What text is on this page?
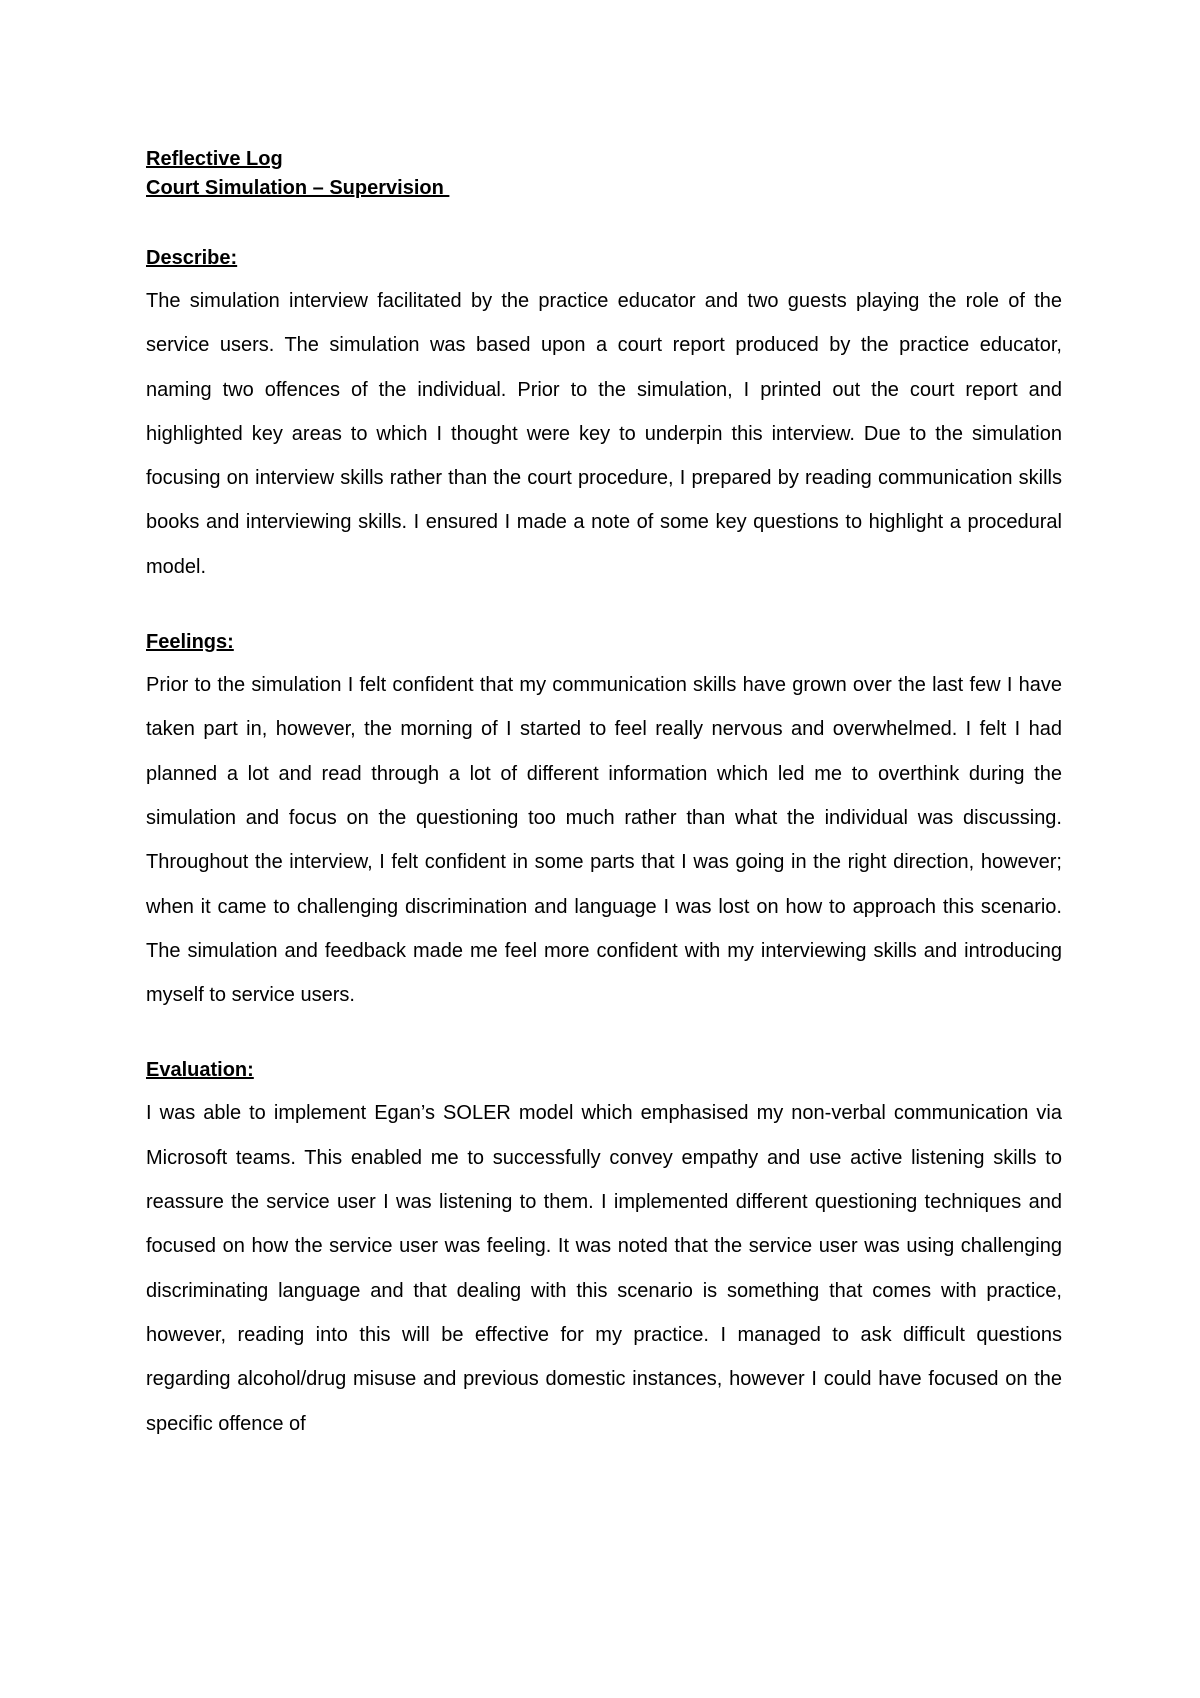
Reflective Log
Court Simulation – Supervision
Describe:

The simulation interview facilitated by the practice educator and two guests playing the role of the service users. The simulation was based upon a court report produced by the practice educator, naming two offences of the individual. Prior to the simulation, I printed out the court report and highlighted key areas to which I thought were key to underpin this interview. Due to the simulation focusing on interview skills rather than the court procedure, I prepared by reading communication skills books and interviewing skills. I ensured I made a note of some key questions to highlight a procedural model.

Feelings:

Prior to the simulation I felt confident that my communication skills have grown over the last few I have taken part in, however, the morning of I started to feel really nervous and overwhelmed. I felt I had planned a lot and read through a lot of different information which led me to overthink during the simulation and focus on the questioning too much rather than what the individual was discussing. Throughout the interview, I felt confident in some parts that I was going in the right direction, however; when it came to challenging discrimination and language I was lost on how to approach this scenario. The simulation and feedback made me feel more confident with my interviewing skills and introducing myself to service users.

Evaluation:

I was able to implement Egan’s SOLER model which emphasised my non-verbal communication via Microsoft teams. This enabled me to successfully convey empathy and use active listening skills to reassure the service user I was listening to them. I implemented different questioning techniques and focused on how the service user was feeling. It was noted that the service user was using challenging discriminating language and that dealing with this scenario is something that comes with practice, however, reading into this will be effective for my practice. I managed to ask difficult questions regarding alcohol/drug misuse and previous domestic instances, however I could have focused on the specific offence of
